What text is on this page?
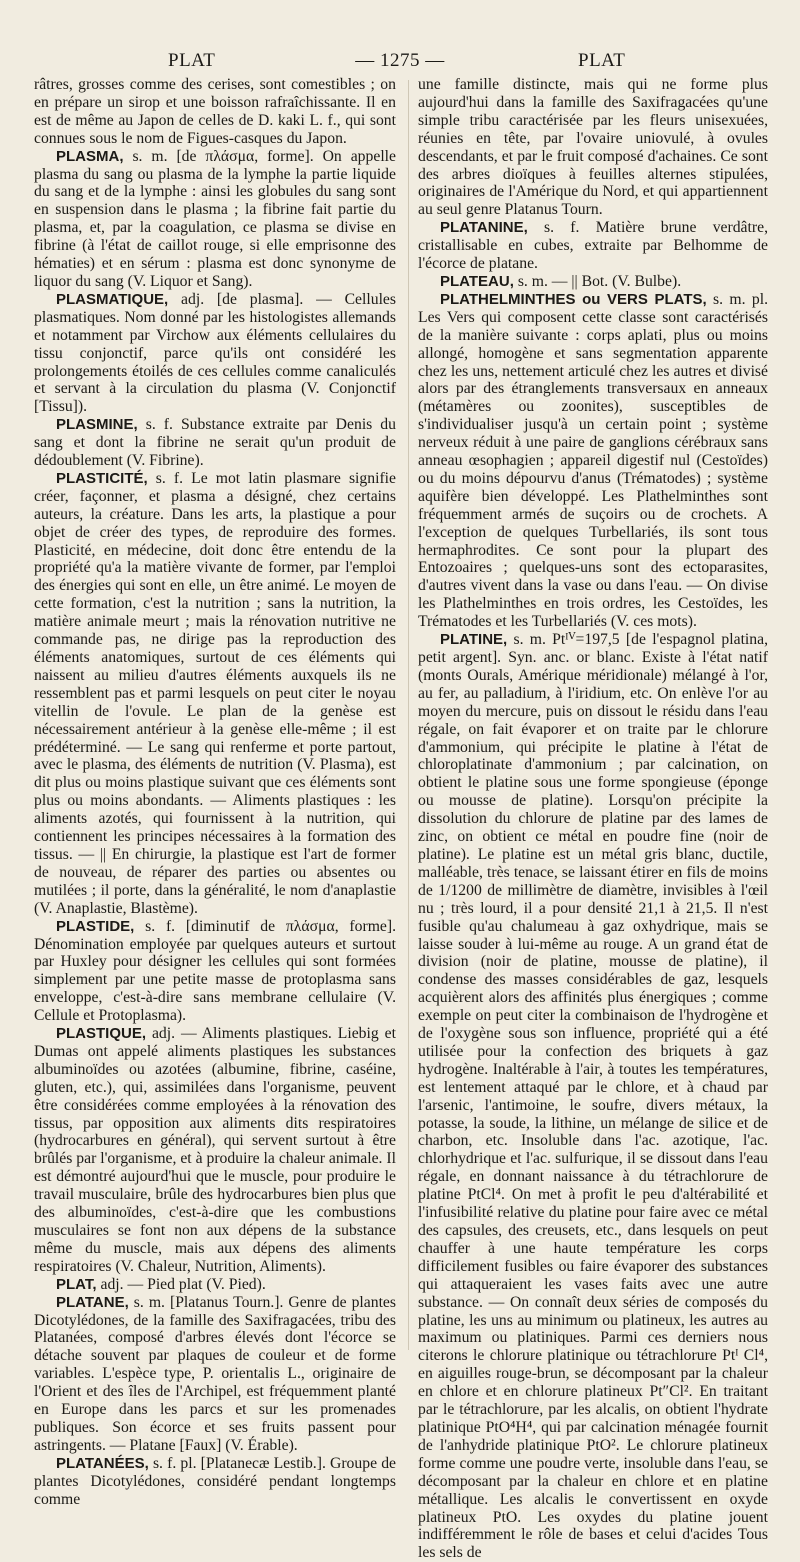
PLAT	— 1275 —	PLAT

râtres, grosses comme des cerises, sont comestibles ; on en prépare un sirop et une boisson rafraîchissante. Il en est de même au Japon de celles de D. kaki L. f., qui sont connues sous le nom de Figues-casques du Japon.

PLASMA, s. m. [de πλάσμα, forme]. On appelle plasma du sang ou plasma de la lymphe la partie liquide du sang et de la lymphe : ainsi les globules du sang sont en suspension dans le plasma ; la fibrine fait partie du plasma, et, par la coagulation, ce plasma se divise en fibrine (à l'état de caillot rouge, si elle emprisonne des hématies) et en sérum : plasma est donc synonyme de liquor du sang (V. Liquor et Sang).

PLASMATIQUE, adj. [de plasma]. — Cellules plasmatiques. Nom donné par les histologistes allemands et notamment par Virchow aux éléments cellulaires du tissu conjonctif, parce qu'ils ont considéré les prolongements étoilés de ces cellules comme canaliculés et servant à la circulation du plasma (V. Conjonctif [Tissu]).

PLASMINE, s. f. Substance extraite par Denis du sang et dont la fibrine ne serait qu'un produit de dédoublement (V. Fibrine).

PLASTICITÉ, s. f. Le mot latin plasmare signifie créer, façonner, et plasma a désigné, chez certains auteurs, la créature. Dans les arts, la plastique a pour objet de créer des types, de reproduire des formes. Plasticité, en médecine, doit donc être entendu de la propriété qu'a la matière vivante de former, par l'emploi des énergies qui sont en elle, un être animé. Le moyen de cette formation, c'est la nutrition ; sans la nutrition, la matière animale meurt ; mais la rénovation nutritive ne commande pas, ne dirige pas la reproduction des éléments anatomiques, surtout de ces éléments qui naissent au milieu d'autres éléments auxquels ils ne ressemblent pas et parmi lesquels on peut citer le noyau vitellin de l'ovule. Le plan de la genèse est nécessairement antérieur à la genèse elle-même ; il est prédéterminé. — Le sang qui renferme et porte partout, avec le plasma, des éléments de nutrition (V. Plasma), est dit plus ou moins plastique suivant que ces éléments sont plus ou moins abondants. — Aliments plastiques : les aliments azotés, qui fournissent à la nutrition, qui contiennent les principes nécessaires à la formation des tissus. — || En chirurgie, la plastique est l'art de former de nouveau, de réparer des parties ou absentes ou mutilées ; il porte, dans la généralité, le nom d'anaplastie (V. Anaplastie, Blastème).

PLASTIDE, s. f. [diminutif de πλάσμα, forme]. Dénomination employée par quelques auteurs et surtout par Huxley pour désigner les cellules qui sont formées simplement par une petite masse de protoplasma sans enveloppe, c'est-à-dire sans membrane cellulaire (V. Cellule et Protoplasma).

PLASTIQUE, adj. — Aliments plastiques. Liebig et Dumas ont appelé aliments plastiques les substances albuminoïdes ou azotées (albumine, fibrine, caséine, gluten, etc.), qui, assimilées dans l'organisme, peuvent être considérées comme employées à la rénovation des tissus, par opposition aux aliments dits respiratoires (hydrocarbures en général), qui servent surtout à être brûlés par l'organisme, et à produire la chaleur animale. Il est démontré aujourd'hui que le muscle, pour produire le travail musculaire, brûle des hydrocarbures bien plus que des albuminoïdes, c'est-à-dire que les combustions musculaires se font non aux dépens de la substance même du muscle, mais aux dépens des aliments respiratoires (V. Chaleur, Nutrition, Aliments).

PLAT, adj. — Pied plat (V. Pied).

PLATANE, s. m. [Platanus Tourn.]. Genre de plantes Dicotylédones, de la famille des Saxifragacées, tribu des Platanées, composé d'arbres élevés dont l'écorce se détache souvent par plaques de couleur et de forme variables. L'espèce type, P. orientalis L., originaire de l'Orient et des îles de l'Archipel, est fréquemment planté en Europe dans les parcs et sur les promenades publiques. Son écorce et ses fruits passent pour astringents. — Platane [Faux] (V. Érable).

PLATANÉES, s. f. pl. [Platanecæ Lestib.]. Groupe de plantes Dicotylédones, considéré pendant longtemps comme

une famille distincte, mais qui ne forme plus aujourd'hui dans la famille des Saxifragacées qu'une simple tribu caractérisée par les fleurs unisexuées, réunies en tête, par l'ovaire uniovulé, à ovules descendants, et par le fruit composé d'achaines. Ce sont des arbres dioïques à feuilles alternes stipulées, originaires de l'Amérique du Nord, et qui appartiennent au seul genre Platanus Tourn.

PLATANINE, s. f. Matière brune verdâtre, cristallisable en cubes, extraite par Belhomme de l'écorce de platane.

PLATEAU, s. m. — || Bot. (V. Bulbe).

PLATHELMINTHES ou VERS PLATS, s. m. pl. Les Vers qui composent cette classe sont caractérisés de la manière suivante : corps aplati, plus ou moins allongé, homogène et sans segmentation apparente chez les uns, nettement articulé chez les autres et divisé alors par des étranglements transversaux en anneaux (métamères ou zoonites), susceptibles de s'individualiser jusqu'à un certain point ; système nerveux réduit à une paire de ganglions cérébraux sans anneau œsophagien ; appareil digestif nul (Cestoïdes) ou du moins dépourvu d'anus (Trématodes) ; système aquifère bien développé. Les Plathelminthes sont fréquemment armés de suçoirs ou de crochets. A l'exception de quelques Turbellariés, ils sont tous hermaphrodites. Ce sont pour la plupart des Entozoaires ; quelques-uns sont des ectoparasites, d'autres vivent dans la vase ou dans l'eau. — On divise les Plathelminthes en trois ordres, les Cestoïdes, les Trématodes et les Turbellariés (V. ces mots).

PLATINE, s. m. Ptᴵⱽ=197,5 [de l'espagnol platina, petit argent]. Syn. anc. or blanc. Existe à l'état natif (monts Ourals, Amérique méridionale) mélangé à l'or, au fer, au palladium, à l'iridium, etc. On enlève l'or au moyen du mercure, puis on dissout le résidu dans l'eau régale, on fait évaporer et on traite par le chlorure d'ammonium, qui précipite le platine à l'état de chloroplatinate d'ammonium ; par calcination, on obtient le platine sous une forme spongieuse (éponge ou mousse de platine). Lorsqu'on précipite la dissolution du chlorure de platine par des lames de zinc, on obtient ce métal en poudre fine (noir de platine). Le platine est un métal gris blanc, ductile, malléable, très tenace, se laissant étirer en fils de moins de 1/1200 de millimètre de diamètre, invisibles à l'œil nu ; très lourd, il a pour densité 21,1 à 21,5. Il n'est fusible qu'au chalumeau à gaz oxhydrique, mais se laisse souder à lui-même au rouge. A un grand état de division (noir de platine, mousse de platine), il condense des masses considérables de gaz, lesquels acquièrent alors des affinités plus énergiques ; comme exemple on peut citer la combinaison de l'hydrogène et de l'oxygène sous son influence, propriété qui a été utilisée pour la confection des briquets à gaz hydrogène. Inaltérable à l'air, à toutes les températures, est lentement attaqué par le chlore, et à chaud par l'arsenic, l'antimoine, le soufre, divers métaux, la potasse, la soude, la lithine, un mélange de silice et de charbon, etc. Insoluble dans l'ac. azotique, l'ac. chlorhydrique et l'ac. sulfurique, il se dissout dans l'eau régale, en donnant naissance à du tétrachlorure de platine PtCl⁴. On met à profit le peu d'altérabilité et l'infusibilité relative du platine pour faire avec ce métal des capsules, des creusets, etc., dans lesquels on peut chauffer à une haute température les corps difficilement fusibles ou faire évaporer des substances qui attaqueraient les vases faits avec une autre substance. — On connaît deux séries de composés du platine, les uns au minimum ou platineux, les autres au maximum ou platiniques. Parmi ces derniers nous citerons le chlorure platinique ou tétrachlorure Ptᴵ Cl⁴, en aiguilles rouge-brun, se décomposant par la chaleur en chlore et en chlorure platineux Pt″Cl². En traitant par le tétrachlorure, par les alcalis, on obtient l'hydrate platinique PtO⁴H⁴, qui par calcination ménagée fournit de l'anhydride platinique PtO². Le chlorure platineux forme comme une poudre verte, insoluble dans l'eau, se décomposant par la chaleur en chlore et en platine métallique. Les alcalis le convertissent en oxyde platineux PtO. Les oxydes du platine jouent indifféremment le rôle de bases et celui d'acides Tous les sels de
